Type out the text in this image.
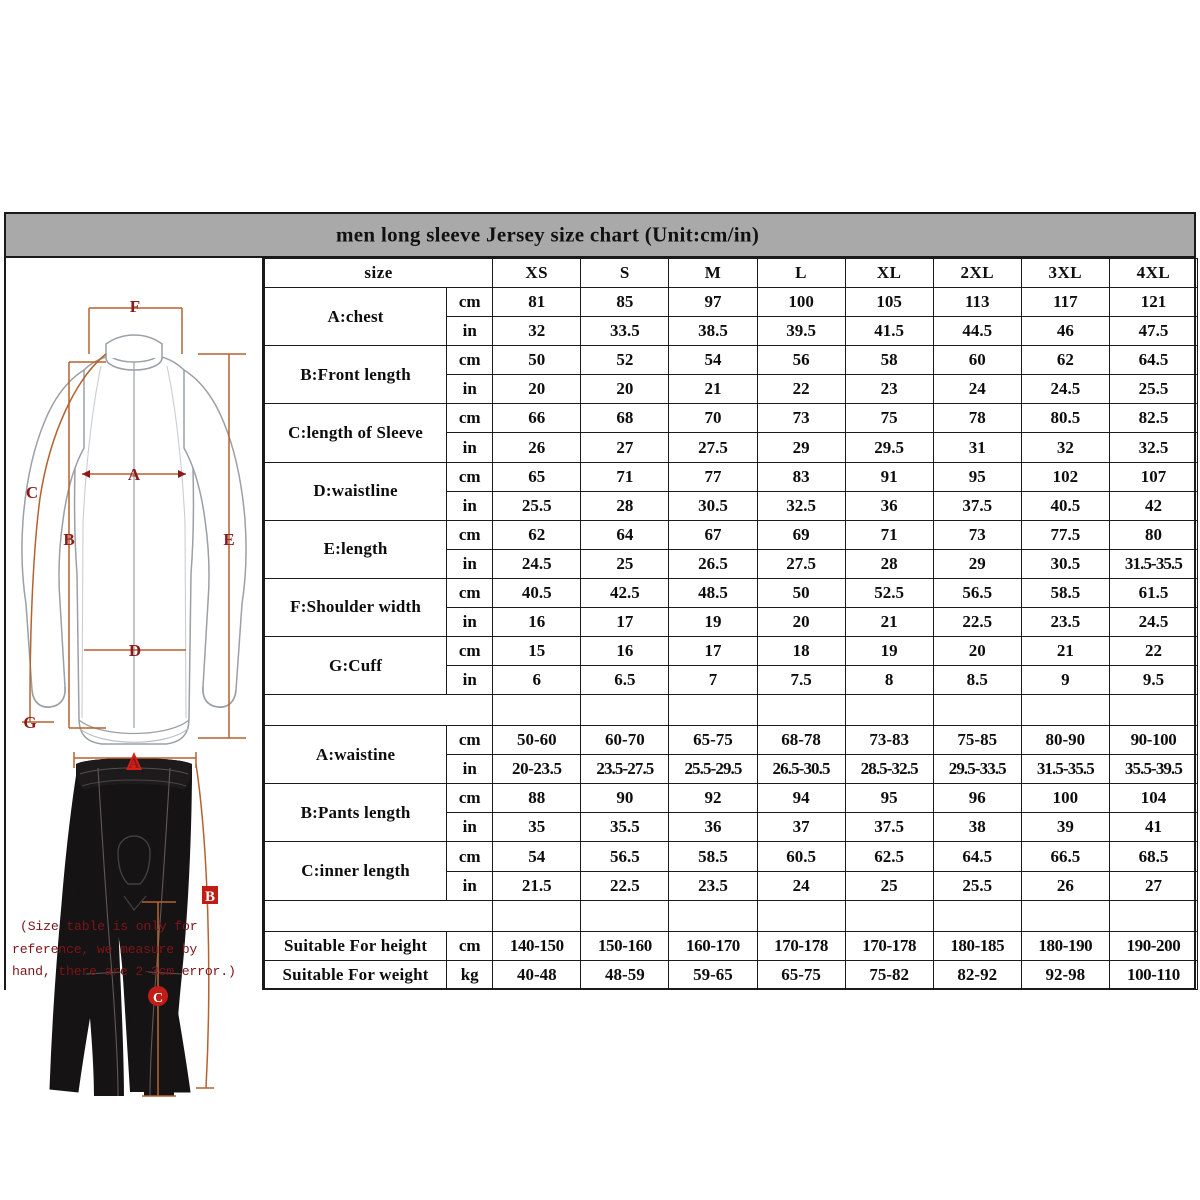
men long sleeve Jersey size chart (Unit:cm/in)
F
A
D
B	E
C
G
A
B
C
(Size table is only for
reference, we measure by
hand, there are 2-3cm error.)
size		XS	S	M	L	XL	2XL	3XL	4XL
A:chest	cm	81	85	97	100	105	113	117	121
	in	32	33.5	38.5	39.5	41.5	44.5	46	47.5
B:Front length	cm	50	52	54	56	58	60	62	64.5
	in	20	20	21	22	23	24	24.5	25.5
C:length of Sleeve	cm	66	68	70	73	75	78	80.5	82.5
	in	26	27	27.5	29	29.5	31	32	32.5
D:waistline	cm	65	71	77	83	91	95	102	107
	in	25.5	28	30.5	32.5	36	37.5	40.5	42
E:length	cm	62	64	67	69	71	73	77.5	80
	in	24.5	25	26.5	27.5	28	29	30.5	31.5-35.5
F:Shoulder width	cm	40.5	42.5	48.5	50	52.5	56.5	58.5	61.5
	in	16	17	19	20	21	22.5	23.5	24.5
G:Cuff	cm	15	16	17	18	19	20	21	22
	in	6	6.5	7	7.5	8	8.5	9	9.5

A:waistine	cm	50-60	60-70	65-75	68-78	73-83	75-85	80-90	90-100
	in	20-23.5	23.5-27.5	25.5-29.5	26.5-30.5	28.5-32.5	29.5-33.5	31.5-35.5	35.5-39.5
B:Pants length	cm	88	90	92	94	95	96	100	104
	in	35	35.5	36	37	37.5	38	39	41
C:inner length	cm	54	56.5	58.5	60.5	62.5	64.5	66.5	68.5
	in	21.5	22.5	23.5	24	25	25.5	26	27

Suitable For height	cm	140-150	150-160	160-170	170-178	170-178	180-185	180-190	190-200
Suitable For weight	kg	40-48	48-59	59-65	65-75	75-82	82-92	92-98	100-110
